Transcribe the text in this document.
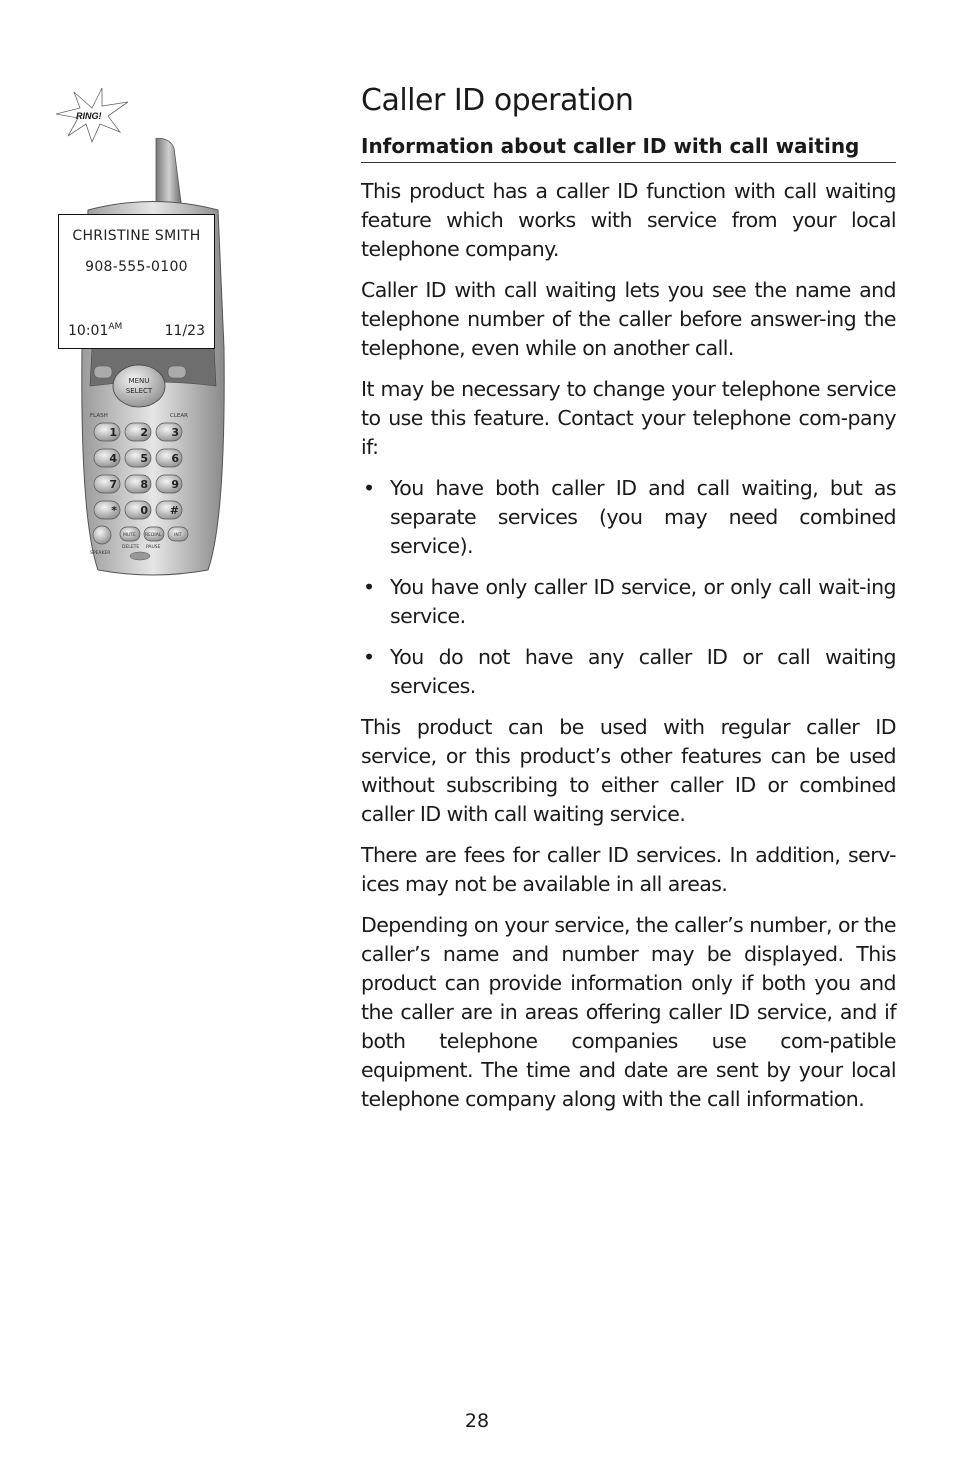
RING!
MENU
SELECT
FLASH	CLEAR
1 2 3
4 5 6
7 8 9
* 0 #
MUTE REDIAL	INT
SPEAKER
DELETE PAUSE
CHRISTINE SMITH
908-555-0100
$10:01^{AM}$	11/23
Caller ID operation
Information about caller ID with call waiting

This product has a caller ID function with call waiting feature which works with service from your local telephone company.

Caller ID with call waiting lets you see the name and telephone number of the caller before answer-ing the telephone, even while on another call.

It may be necessary to change your telephone service to use this feature. Contact your telephone com-pany if:

• You have both caller ID and call waiting, but as separate services (you may need combined service).
• You have only caller ID service, or only call wait-ing service.
• You do not have any caller ID or call waiting services.

This product can be used with regular caller ID service, or this product’s other features can be used without subscribing to either caller ID or combined caller ID with call waiting service.

There are fees for caller ID services. In addition, serv-ices may not be available in all areas.

Depending on your service, the caller’s number, or the caller’s name and number may be displayed. This product can provide information only if both you and the caller are in areas offering caller ID service, and if both telephone companies use com-patible equipment. The time and date are sent by your local telephone company along with the call information.

28
